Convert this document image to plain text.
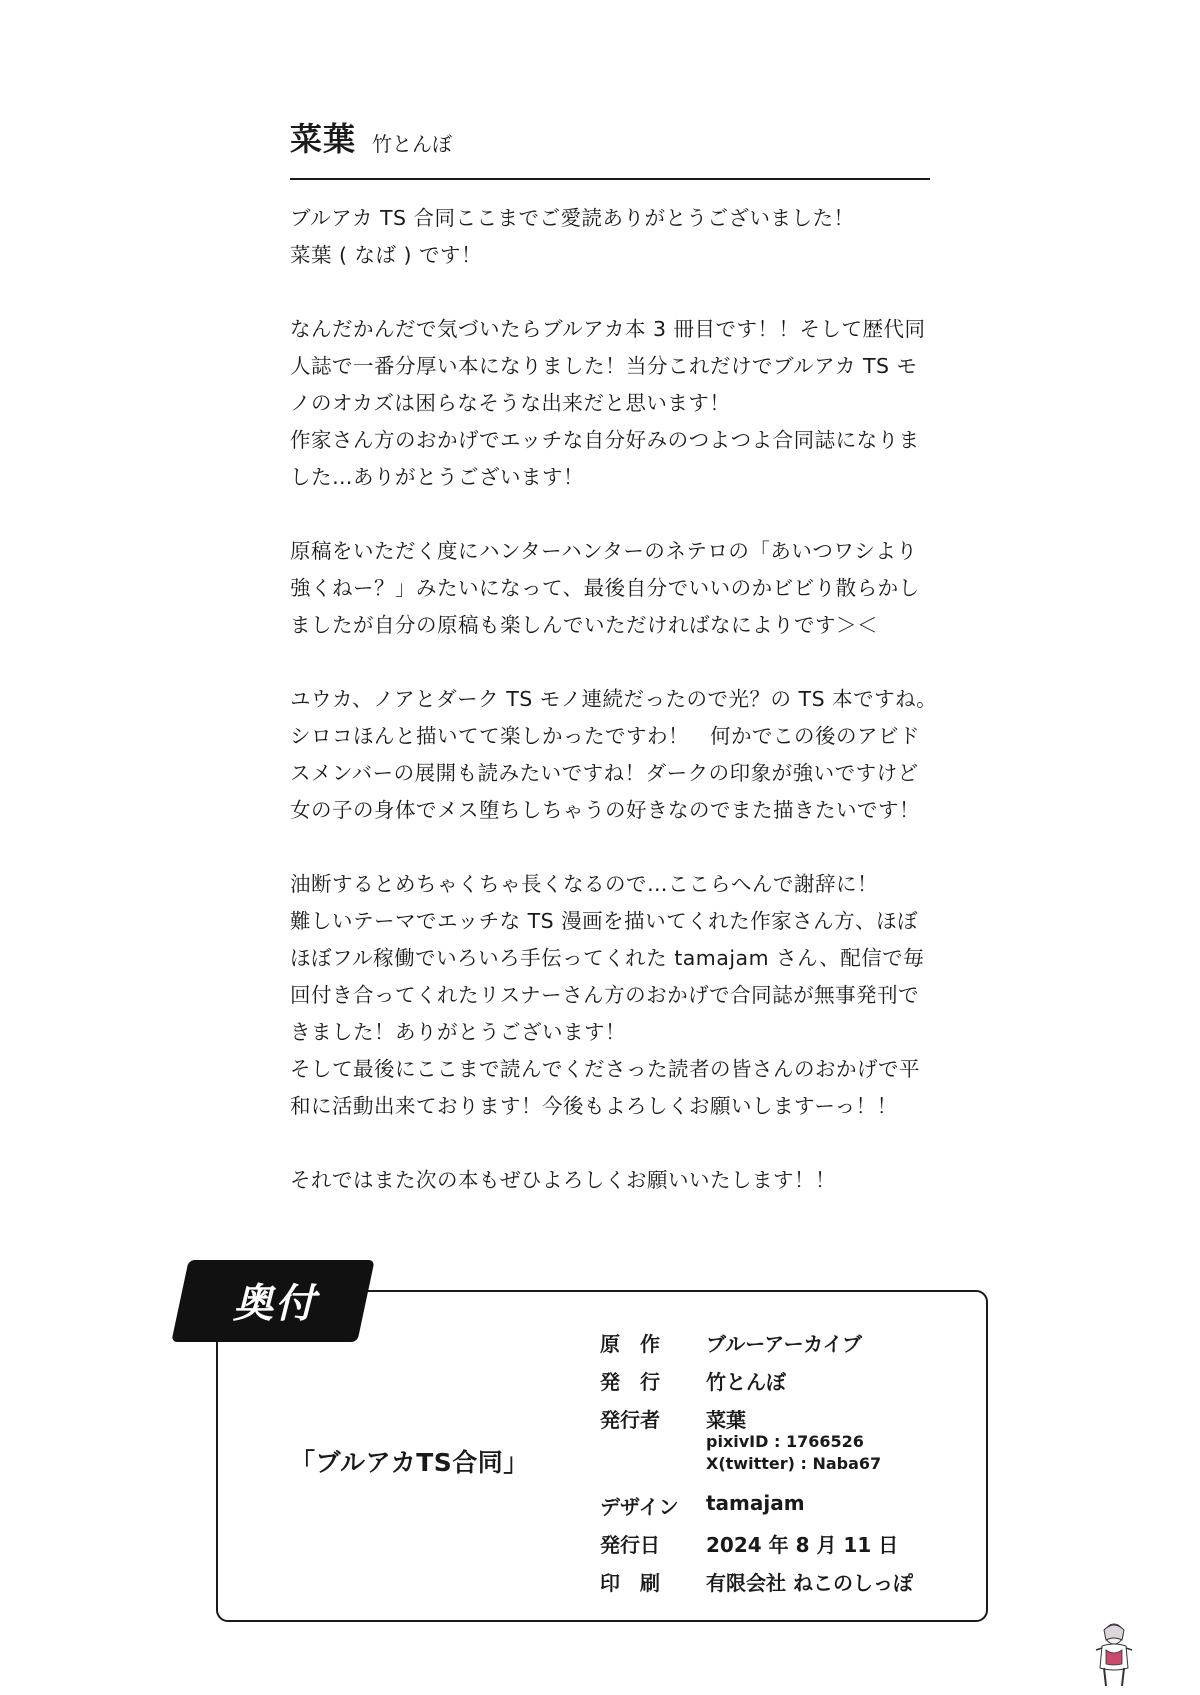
菜葉 竹とんぼ
ブルアカ TS 合同ここまでご愛読ありがとうございました！
菜葉 ( なば ) です！
なんだかんだで気づいたらブルアカ本 3 冊目です！！そして歴代同
人誌で一番分厚い本になりました！当分これだけでブルアカ TS モ
ノのオカズは困らなそうな出来だと思います！
作家さん方のおかげでエッチな自分好みのつよつよ合同誌になりま
した…ありがとうございます！
原稿をいただく度にハンターハンターのネテロの「あいつワシより
強くねー？」みたいになって、最後自分でいいのかビビり散らかし
ましたが自分の原稿も楽しんでいただければなによりです＞＜
ユウカ、ノアとダーク TS モノ連続だったので光？の TS 本ですね。
シロコほんと描いてて楽しかったですわ！　何かでこの後のアビド
スメンバーの展開も読みたいですね！ダークの印象が強いですけど
女の子の身体でメス堕ちしちゃうの好きなのでまた描きたいです！
油断するとめちゃくちゃ長くなるので…ここらへんで謝辞に！
難しいテーマでエッチな TS 漫画を描いてくれた作家さん方、ほぼ
ほぼフル稼働でいろいろ手伝ってくれた tamajam さん、配信で毎
回付き合ってくれたリスナーさん方のおかげで合同誌が無事発刊で
きました！ありがとうございます！
そして最後にここまで読んでくださった読者の皆さんのおかげで平
和に活動出来ております！今後もよろしくお願いしますーっ！！
それではまた次の本もぜひよろしくお願いいたします！！
奥付
「ブルアカTS合同」
原　作	ブルーアーカイブ
発　行	竹とんぼ
発行者	菜葉
pixivID : 1766526
X(twitter) : Naba67
デザイン	tamajam
発行日	2024 年 8 月 11 日
印　刷	有限会社 ねこのしっぽ
